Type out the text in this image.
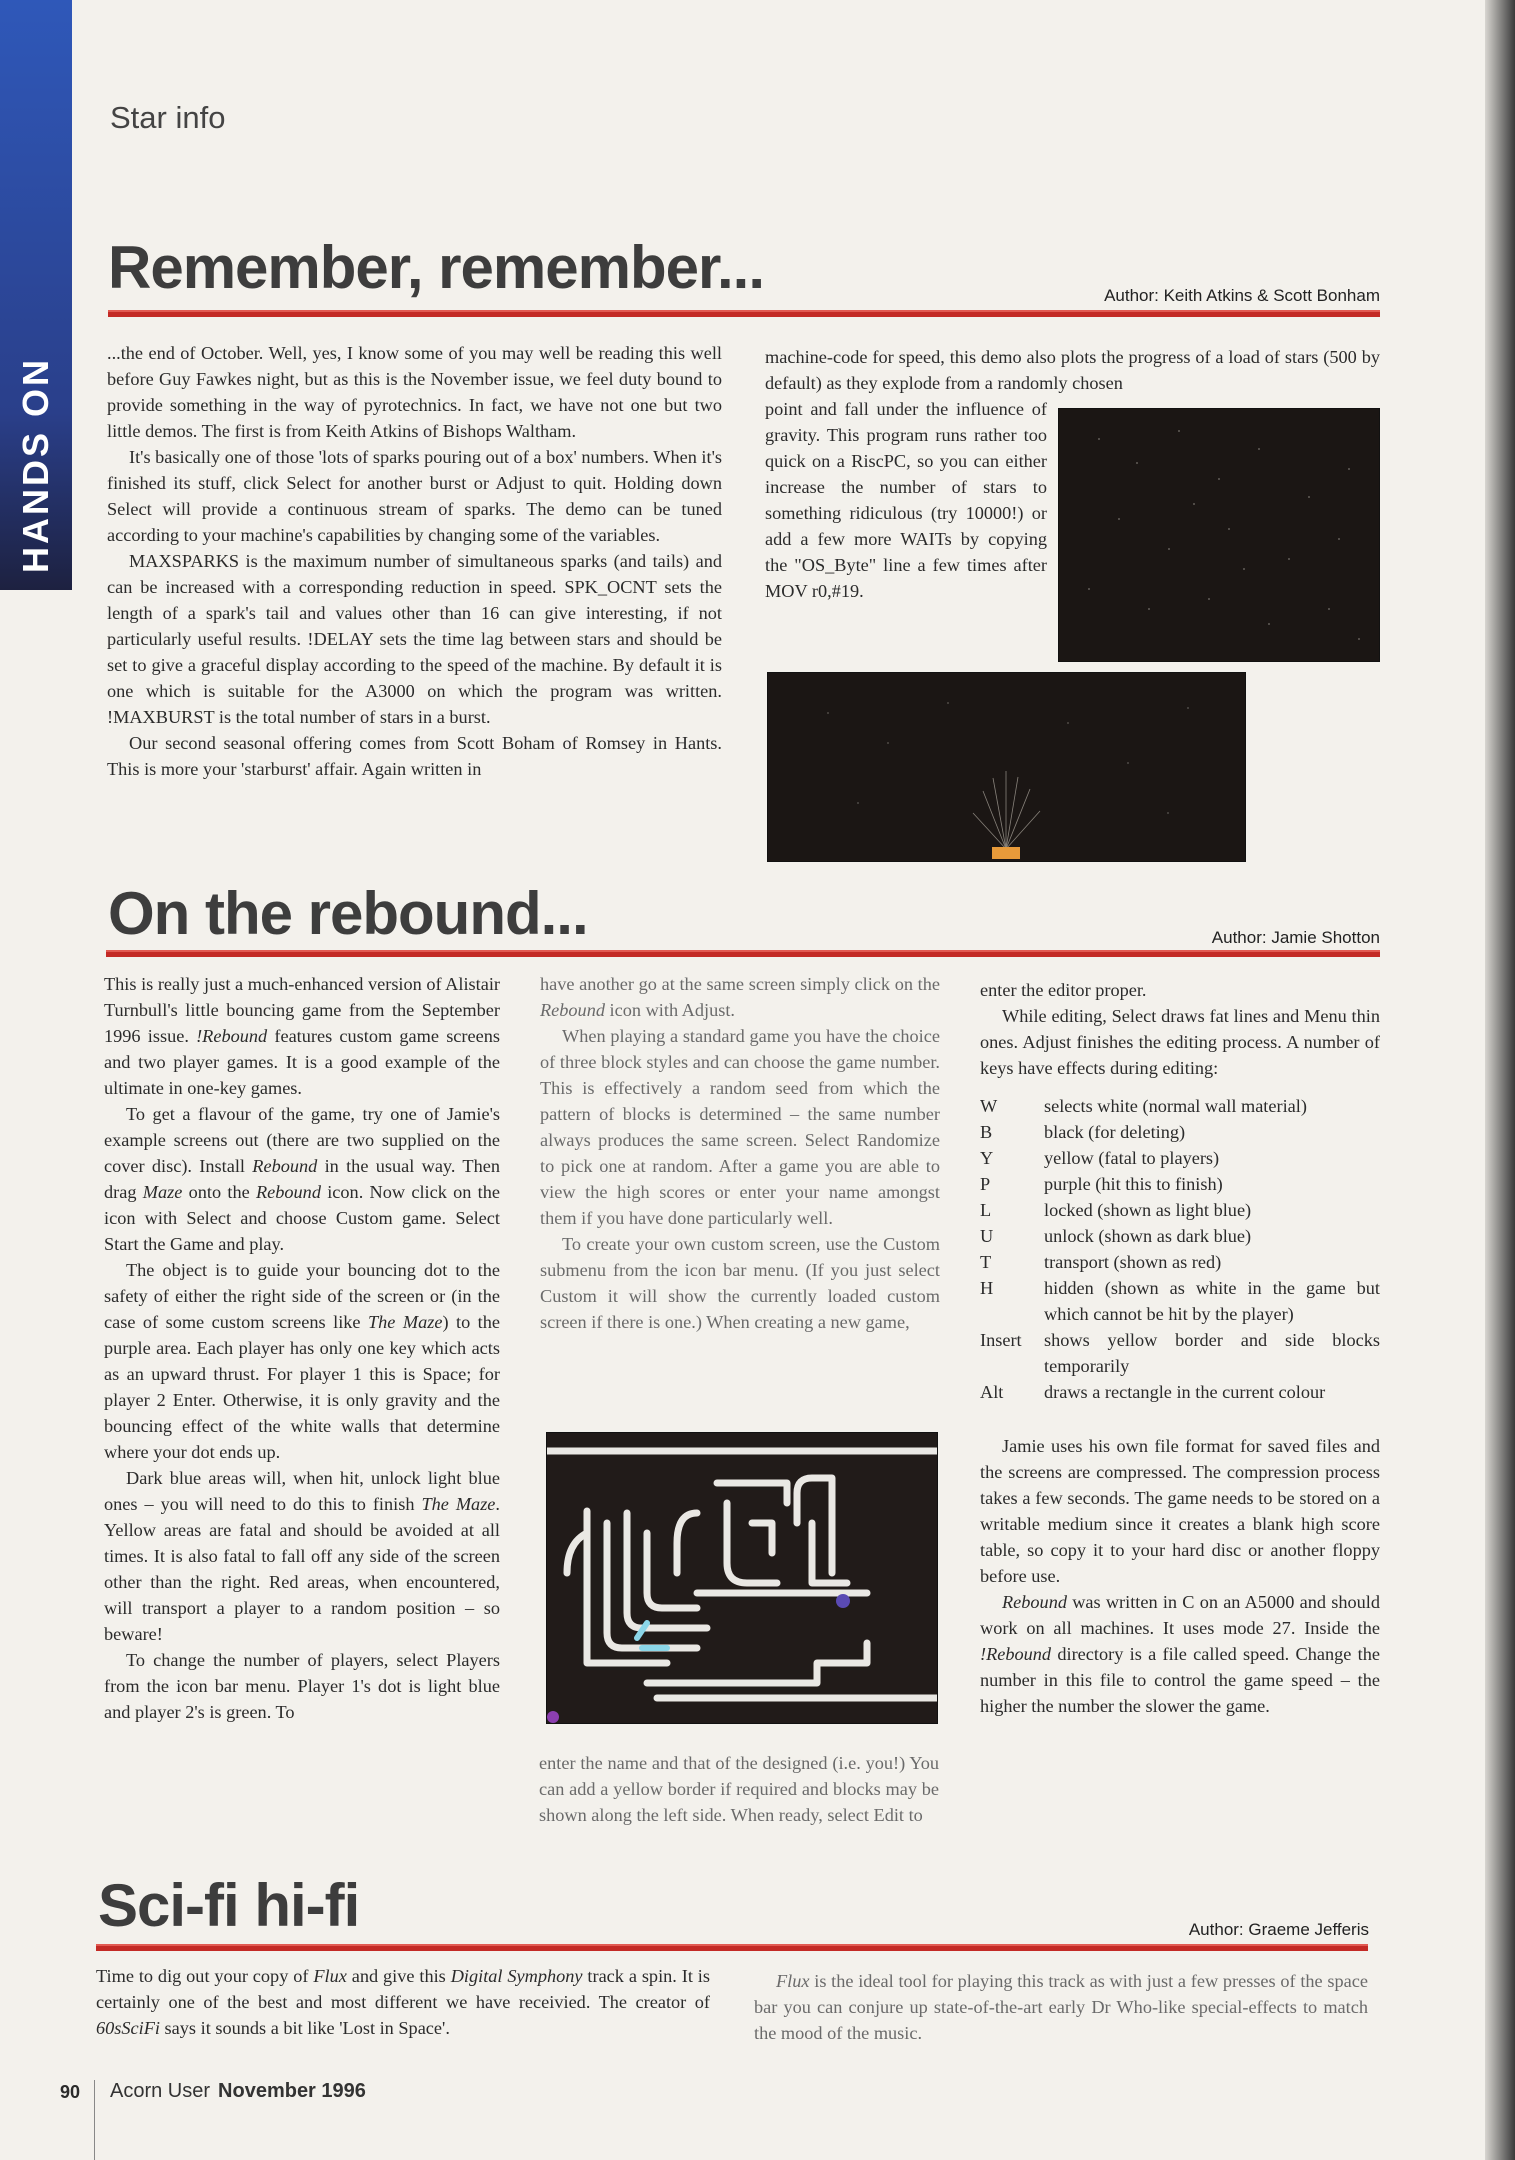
HANDS ON
Star info
Remember, remember...	Author: Keith Atkins & Scott Bonham

...the end of October. Well, yes, I know some of you may well be reading this well before Guy Fawkes night, but as this is the November issue, we feel duty bound to provide something in the way of pyrotechnics. In fact, we have not one but two little demos. The first is from Keith Atkins of Bishops Waltham.

It's basically one of those 'lots of sparks pouring out of a box' numbers. When it's finished its stuff, click Select for another burst or Adjust to quit. Holding down Select will provide a continuous stream of sparks. The demo can be tuned according to your machine's capabilities by changing some of the variables.

MAXSPARKS is the maximum number of simultaneous sparks (and tails) and can be increased with a corresponding reduction in speed. SPK_OCNT sets the length of a spark's tail and values other than 16 can give interesting, if not particularly useful results. !DELAY sets the time lag between stars and should be set to give a graceful display according to the speed of the machine. By default it is one which is suitable for the A3000 on which the program was written. !MAXBURST is the total number of stars in a burst.

Our second seasonal offering comes from Scott Boham of Romsey in Hants. This is more your 'starburst' affair. Again written in

machine-code for speed, this demo also plots the progress of a load of stars (500 by default) as they explode from a randomly chosen

point and fall under the influence of gravity. This program runs rather too quick on a RiscPC, so you can either increase the number of stars to something ridiculous (try 10000!) or add a few more WAITs by copying the "OS_Byte" line a few times after MOV r0,#19.

On the rebound...	Author: Jamie Shotton

This is really just a much-enhanced version of Alistair Turnbull's little bouncing game from the September 1996 issue. !Rebound features custom game screens and two player games. It is a good example of the ultimate in one-key games.

To get a flavour of the game, try one of Jamie's example screens out (there are two supplied on the cover disc). Install Rebound in the usual way. Then drag Maze onto the Rebound icon. Now click on the icon with Select and choose Custom game. Select Start the Game and play.

The object is to guide your bouncing dot to the safety of either the right side of the screen or (in the case of some custom screens like The Maze) to the purple area. Each player has only one key which acts as an upward thrust. For player 1 this is Space; for player 2 Enter. Otherwise, it is only gravity and the bouncing effect of the white walls that determine where your dot ends up.

Dark blue areas will, when hit, unlock light blue ones – you will need to do this to finish The Maze. Yellow areas are fatal and should be avoided at all times. It is also fatal to fall off any side of the screen other than the right. Red areas, when encountered, will transport a player to a random position – so beware!

To change the number of players, select Players from the icon bar menu. Player 1's dot is light blue and player 2's is green. To

have another go at the same screen simply click on the Rebound icon with Adjust.

When playing a standard game you have the choice of three block styles and can choose the game number. This is effectively a random seed from which the pattern of blocks is determined – the same number always produces the same screen. Select Randomize to pick one at random. After a game you are able to view the high scores or enter your name amongst them if you have done particularly well.

To create your own custom screen, use the Custom submenu from the icon bar menu. (If you just select Custom it will show the currently loaded custom screen if there is one.) When creating a new game,

enter the name and that of the designed (i.e. you!) You can add a yellow border if required and blocks may be shown along the left side. When ready, select Edit to

enter the editor proper.

While editing, Select draws fat lines and Menu thin ones. Adjust finishes the editing process. A number of keys have effects during editing:

W	selects white (normal wall material)
B	black (for deleting)
Y	yellow (fatal to players)
P	purple (hit this to finish)
L	locked (shown as light blue)
U	unlock (shown as dark blue)
T	transport (shown as red)
H	hidden (shown as white in the game but which cannot be hit by the player)
Insert	shows yellow border and side blocks temporarily
Alt	draws a rectangle in the current colour

Jamie uses his own file format for saved files and the screens are compressed. The compression process takes a few seconds. The game needs to be stored on a writable medium since it creates a blank high score table, so copy it to your hard disc or another floppy before use.

Rebound was written in C on an A5000 and should work on all machines. It uses mode 27. Inside the !Rebound directory is a file called speed. Change the number in this file to control the game speed – the higher the number the slower the game.

Sci-fi hi-fi	Author: Graeme Jefferis

Time to dig out your copy of Flux and give this Digital Symphony track a spin. It is certainly one of the best and most different we have receivied. The creator of 60sSciFi says it sounds a bit like 'Lost in Space'.

Flux is the ideal tool for playing this track as with just a few presses of the space bar you can conjure up state-of-the-art early Dr Who-like special-effects to match the mood of the music.

90 Acorn User November 1996
